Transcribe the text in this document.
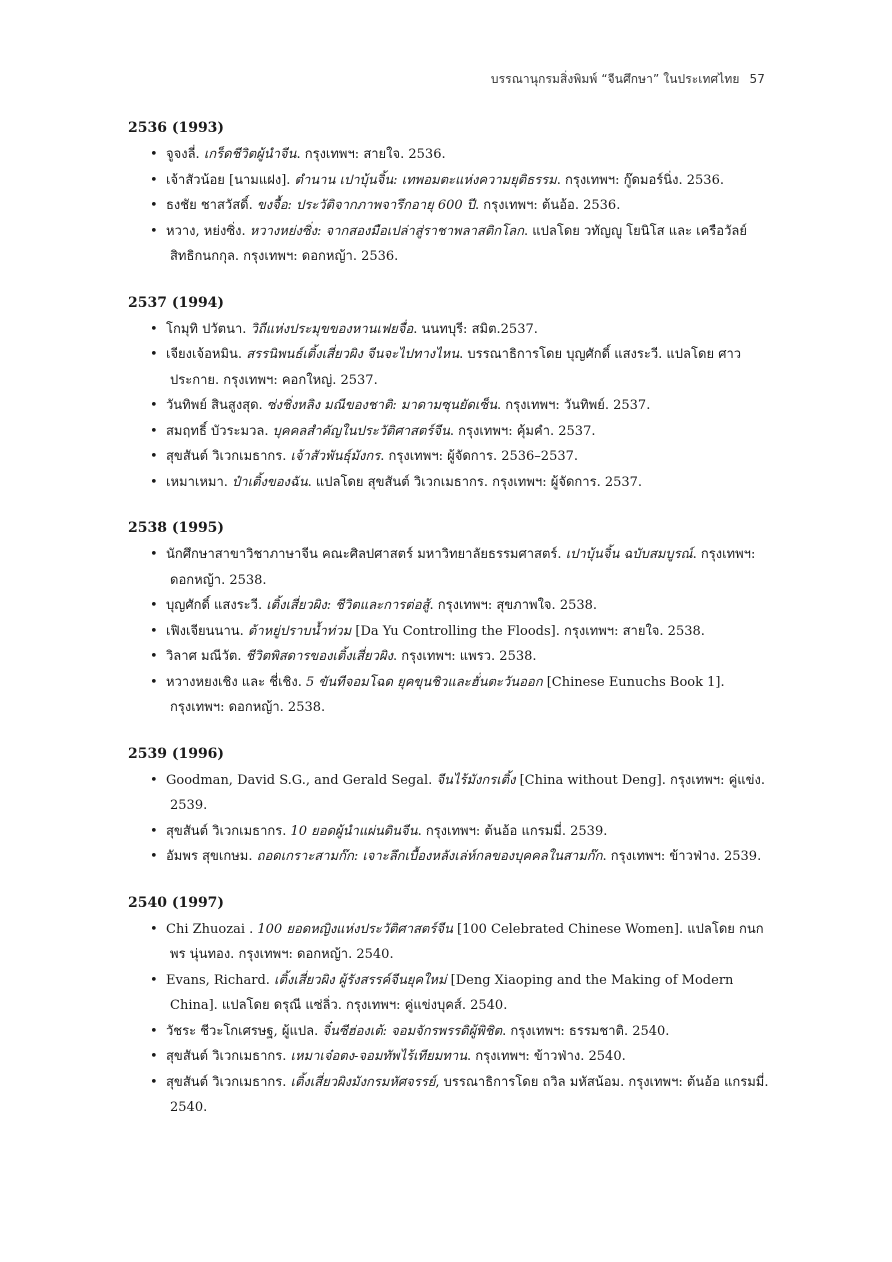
บรรณานุกรมสิ่งพิมพ์ “จีนศึกษา” ในประเทศไทย 57
2536 (1993)
• จูจงลี่. เกร็ดชีวิตผู้นำจีน. กรุงเทพฯ: สายใจ. 2536.
• เจ้าสัวน้อย [นามแฝง]. ตำนาน เปาบุ้นจิ้น: เทพอมตะแห่งความยุติธรรม. กรุงเทพฯ: กู๊ดมอร์นิ่ง. 2536.
• ธงชัย ชาสวัสดิ์. ขงจื้อ: ประวัติจากภาพจารึกอายุ 600 ปี. กรุงเทพฯ: ต้นอ้อ. 2536.
• หวาง, หย่งซิ่ง. หวางหย่งซิ่ง: จากสองมือเปล่าสู่ราชาพลาสติกโลก. แปลโดย วทัญญู โยนิโส และ เครือวัลย์ สิทธิกนกกุล. กรุงเทพฯ: ดอกหญ้า. 2536.
2537 (1994)
• โกมุทิ ปวัตนา. วิถีแห่งประมุขของหานเฟยจื่อ. นนทบุรี: สมิต.2537.
• เจียงเจ้อหมิน. สรรนิพนธ์เติ้งเสี่ยวผิง จีนจะไปทางไหน. บรรณาธิการโดย บุญศักดิ์ แสงระวี. แปลโดย ศาวประกาย. กรุงเทพฯ: คอกใหญ่. 2537.
• วันทิพย์ สินสูงสุด. ซ่งชิ่งหลิง มณีของชาติ: มาดามซุนยัดเซ็น. กรุงเทพฯ: วันทิพย์. 2537.
• สมฤทธิ์ บัวระมวล. บุคคลสำคัญในประวัติศาสตร์จีน. กรุงเทพฯ: คุ้มคำ. 2537.
• สุขสันต์ วิเวกเมธากร. เจ้าสัวพันธุ์มังกร. กรุงเทพฯ: ผู้จัดการ. 2536–2537.
• เหมาเหมา. ป๋าเติ้งของฉัน. แปลโดย สุขสันต์ วิเวกเมธากร. กรุงเทพฯ: ผู้จัดการ. 2537.
2538 (1995)
• นักศึกษาสาขาวิชาภาษาจีน คณะศิลปศาสตร์ มหาวิทยาลัยธรรมศาสตร์. เปาบุ้นจิ้น ฉบับสมบูรณ์. กรุงเทพฯ: ดอกหญ้า. 2538.
• บุญศักดิ์ แสงระวี. เติ้งเสี่ยวผิง: ชีวิตและการต่อสู้. กรุงเทพฯ: สุขภาพใจ. 2538.
• เฟิงเจียนนาน. ต้าหยู่ปราบน้ำท่วม [Da Yu Controlling the Floods]. กรุงเทพฯ: สายใจ. 2538.
• วิลาศ มณีวัต. ชีวิตพิสดารของเติ้งเสี่ยวผิง. กรุงเทพฯ: แพรว. 2538.
• หวางหยงเชิง และ ชี่เชิง. 5 ขันทีจอมโฉด ยุคขุนชิวและฮั่นตะวันออก [Chinese Eunuchs Book 1]. กรุงเทพฯ: ดอกหญ้า. 2538.
2539 (1996)
• Goodman, David S.G., and Gerald Segal. จีนไร้มังกรเติ้ง [China without Deng]. กรุงเทพฯ: คู่แข่ง. 2539.
• สุขสันต์ วิเวกเมธากร. 10 ยอดผู้นำแผ่นดินจีน. กรุงเทพฯ: ต้นอ้อ แกรมมี่. 2539.
• อัมพร สุขเกษม. ถอดเกราะสามก๊ก: เจาะลึกเบื้องหลังเล่ห์กลของบุคคลในสามก๊ก. กรุงเทพฯ: ข้าวฟ่าง. 2539.
2540 (1997)
• Chi Zhuozai . 100 ยอดหญิงแห่งประวัติศาสตร์จีน [100 Celebrated Chinese Women]. แปลโดย กนกพร นุ่นทอง. กรุงเทพฯ: ดอกหญ้า. 2540.
• Evans, Richard. เติ้งเสี่ยวผิง ผู้รังสรรค์จีนยุคใหม่ [Deng Xiaoping and the Making of Modern China]. แปลโดย ดรุณี แซ่ลิ่ว. กรุงเทพฯ: คู่แข่งบุคส์. 2540.
• วัชระ ชีวะโกเศรษฐ, ผู้แปล. จิ๋นซีฮ่องเต้: จอมจักรพรรดิผู้พิชิต. กรุงเทพฯ: ธรรมชาติ. 2540.
• สุขสันต์ วิเวกเมธากร. เหมาเจ๋อตง-จอมทัพไร้เทียมทาน. กรุงเทพฯ: ข้าวฟ่าง. 2540.
• สุขสันต์ วิเวกเมธากร. เติ้งเสี่ยวผิงมังกรมหัศจรรย์, บรรณาธิการโดย ถวิล มหัสน้อม. กรุงเทพฯ: ต้นอ้อ แกรมมี่. 2540.
